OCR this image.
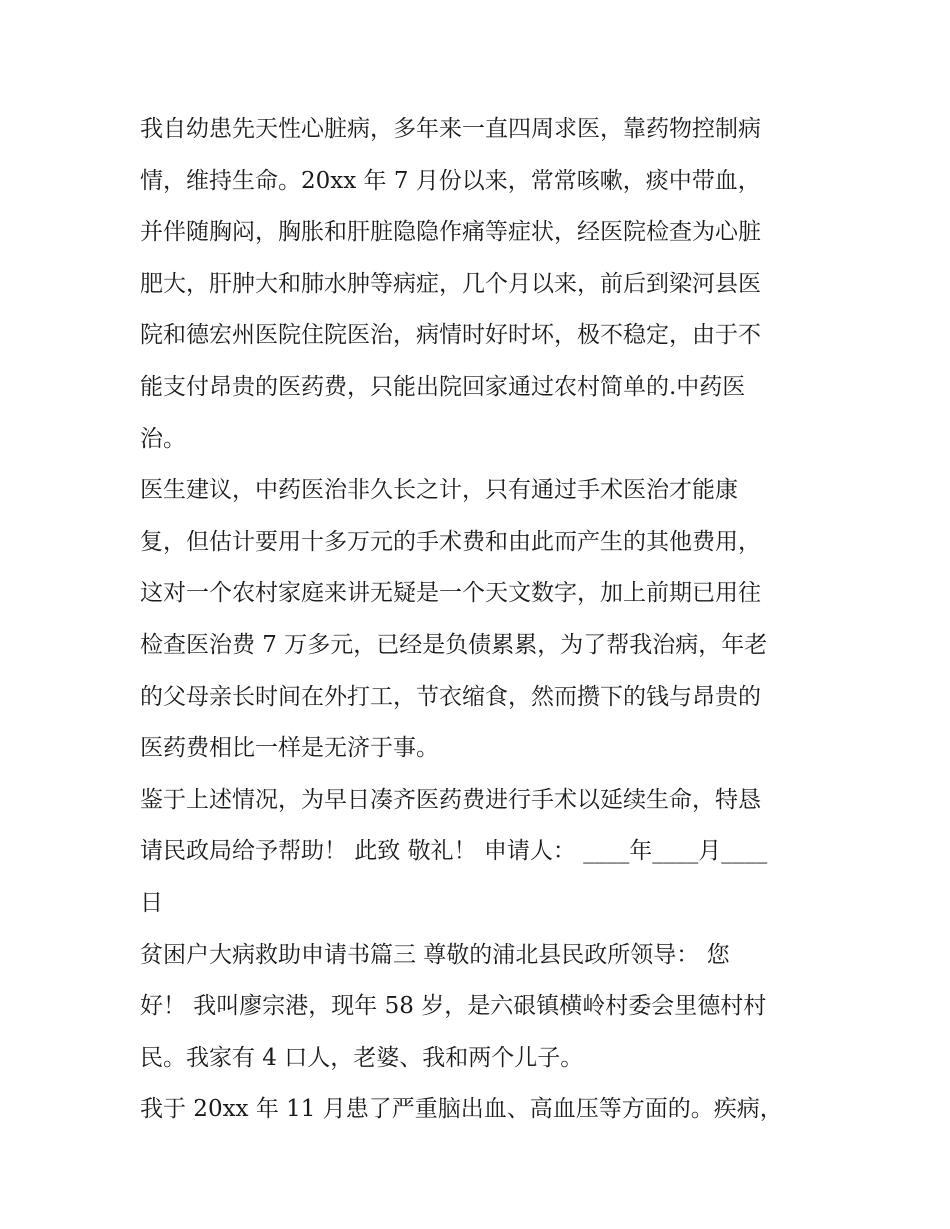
我自幼患先天性心脏病，多年来一直四周求医，靠药物控制病
情，维持生命。20xx 年 7 月份以来，常常咳嗽，痰中带血，
并伴随胸闷，胸胀和肝脏隐隐作痛等症状，经医院检查为心脏
肥大，肝肿大和肺水肿等病症，几个月以来，前后到梁河县医
院和德宏州医院住院医治，病情时好时坏，极不稳定，由于不
能支付昂贵的医药费，只能出院回家通过农村简单的.中药医
治。
医生建议，中药医治非久长之计，只有通过手术医治才能康
复，但估计要用十多万元的手术费和由此而产生的其他费用，
这对一个农村家庭来讲无疑是一个天文数字，加上前期已用往
检查医治费 7 万多元，已经是负债累累，为了帮我治病，年老
的父母亲长时间在外打工，节衣缩食，然而攒下的钱与昂贵的
医药费相比一样是无济于事。
鉴于上述情况，为早日凑齐医药费进行手术以延续生命，特恳
请民政局给予帮助！ 此致 敬礼！ 申请人： ____年____月____
日
贫困户大病救助申请书篇三 尊敬的浦北县民政所领导： 您
好！ 我叫廖宗港，现年 58 岁，是六硍镇横岭村委会里德村村
民。我家有 4 口人，老婆、我和两个儿子。
我于 20xx 年 11 月患了严重脑出血、高血压等方面的。疾病，
